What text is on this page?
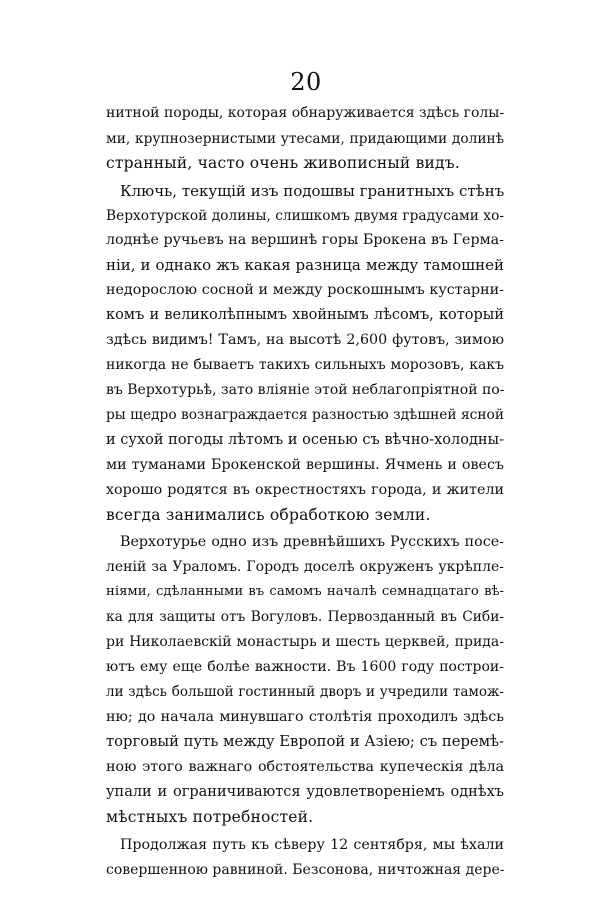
20
нитной породы, которая обнаруживается здѣсь голы-
ми, крупнозернистыми утесами, придающими долинѣ
странный, часто очень живописный видъ.
Ключь, текущій изъ подошвы гранитныхъ стѣнъ
Верхотурской долины, слишкомъ двумя градусами хо-
лоднѣе ручьевъ на вершинѣ горы Брокена въ Герма-
ніи, и однако жъ какая разница между тамошней
недорослою сосной и между роскошнымъ кустарни-
комъ и великолѣпнымъ хвойнымъ лѣсомъ, который
здѣсь видимъ! Тамъ, на высотѣ 2,600 футовъ, зимою
никогда не бываетъ такихъ сильныхъ морозовъ, какъ
въ Верхотурьѣ, зато вліяніе этой неблагопріятной по-
ры щедро вознаграждается разностью здѣшней ясной
и сухой погоды лѣтомъ и осенью съ вѣчно-холодны-
ми туманами Брокенской вершины. Ячмень и овесъ
хорошо родятся въ окрестностяхъ города, и жители
всегда занимались обработкою земли.
Верхотурье одно изъ древнѣйшихъ Русскихъ посе-
леній за Ураломъ. Городъ доселѣ окруженъ укрѣпле-
ніями, сдѣланными въ самомъ началѣ семнадцатаго вѣ-
ка для защиты отъ Вогуловъ. Первозданный въ Сиби-
ри Николаевскій монастырь и шесть церквей, прида-
ютъ ему еще болѣе важности. Въ 1600 году построи-
ли здѣсь большой гостинный дворъ и учредили тамож-
ню; до начала минувшаго столѣтія проходилъ здѣсь
торговый путь между Европой и Азіею; съ перемѣ-
ною этого важнаго обстоятельства купеческія дѣла
упали и ограничиваются удовлетвореніемъ однѣхъ
мѣстныхъ потребностей.
Продолжая путь къ сѣверу 12 сентября, мы ѣхали
совершенною равниной. Безсонова, ничтожная дере-
